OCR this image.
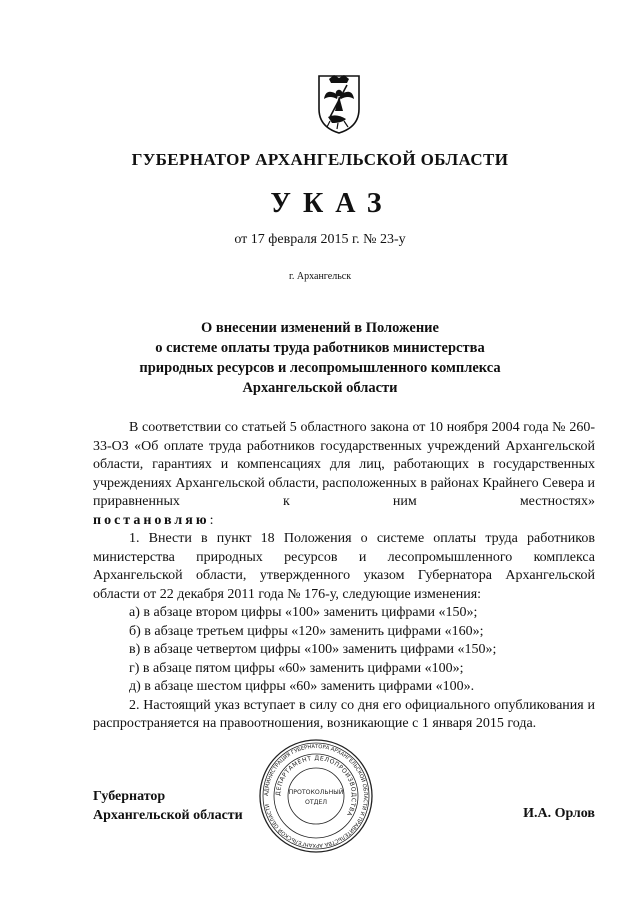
ГУБЕРНАТОР АРХАНГЕЛЬСКОЙ ОБЛАСТИ
УКАЗ
от 17 февраля 2015 г. № 23-у
г. Архангельск
О внесении изменений в Положение
о системе оплаты труда работников министерства
природных ресурсов и лесопромышленного комплекса
Архангельской области

В соответствии со статьей 5 областного закона от 10 ноября 2004 года № 260-33-ОЗ «Об оплате труда работников государственных учреждений Архангельской области, гарантиях и компенсациях для лиц, работающих в государственных учреждениях Архангельской области, расположенных в районах Крайнего Севера и приравненных к ним местностях»

постановляю:

1. Внести в пункт 18 Положения о системе оплаты труда работников министерства природных ресурсов и лесопромышленного комплекса Архангельской области, утвержденного указом Губернатора Архангельской области от 22 декабря 2011 года № 176-у, следующие изменения:

а) в абзаце втором цифры «100» заменить цифрами «150»;

б) в абзаце третьем цифры «120» заменить цифрами «160»;

в) в абзаце четвертом цифры «100» заменить цифрами «150»;

г) в абзаце пятом цифры «60» заменить цифрами «100»;

д) в абзаце шестом цифры «60» заменить цифрами «100».

2. Настоящий указ вступает в силу со дня его официального опубликования и распространяется на правоотношения, возникающие с 1 января 2015 года.

Губернатор
Архангельской области	И.А. Орлов
АДМИНИСТРАЦИЯ ГУБЕРНАТОРА АРХАНГЕЛЬСКОЙ ОБЛАСТИ И ПРАВИТЕЛЬСТВА АРХАНГЕЛЬСКОЙ ОБЛАСТИ
ДЕПАРТАМЕНТ ДЕЛОПРОИЗВОДСТВА
ПРОТОКОЛЬНЫЙ
ОТДЕЛ
